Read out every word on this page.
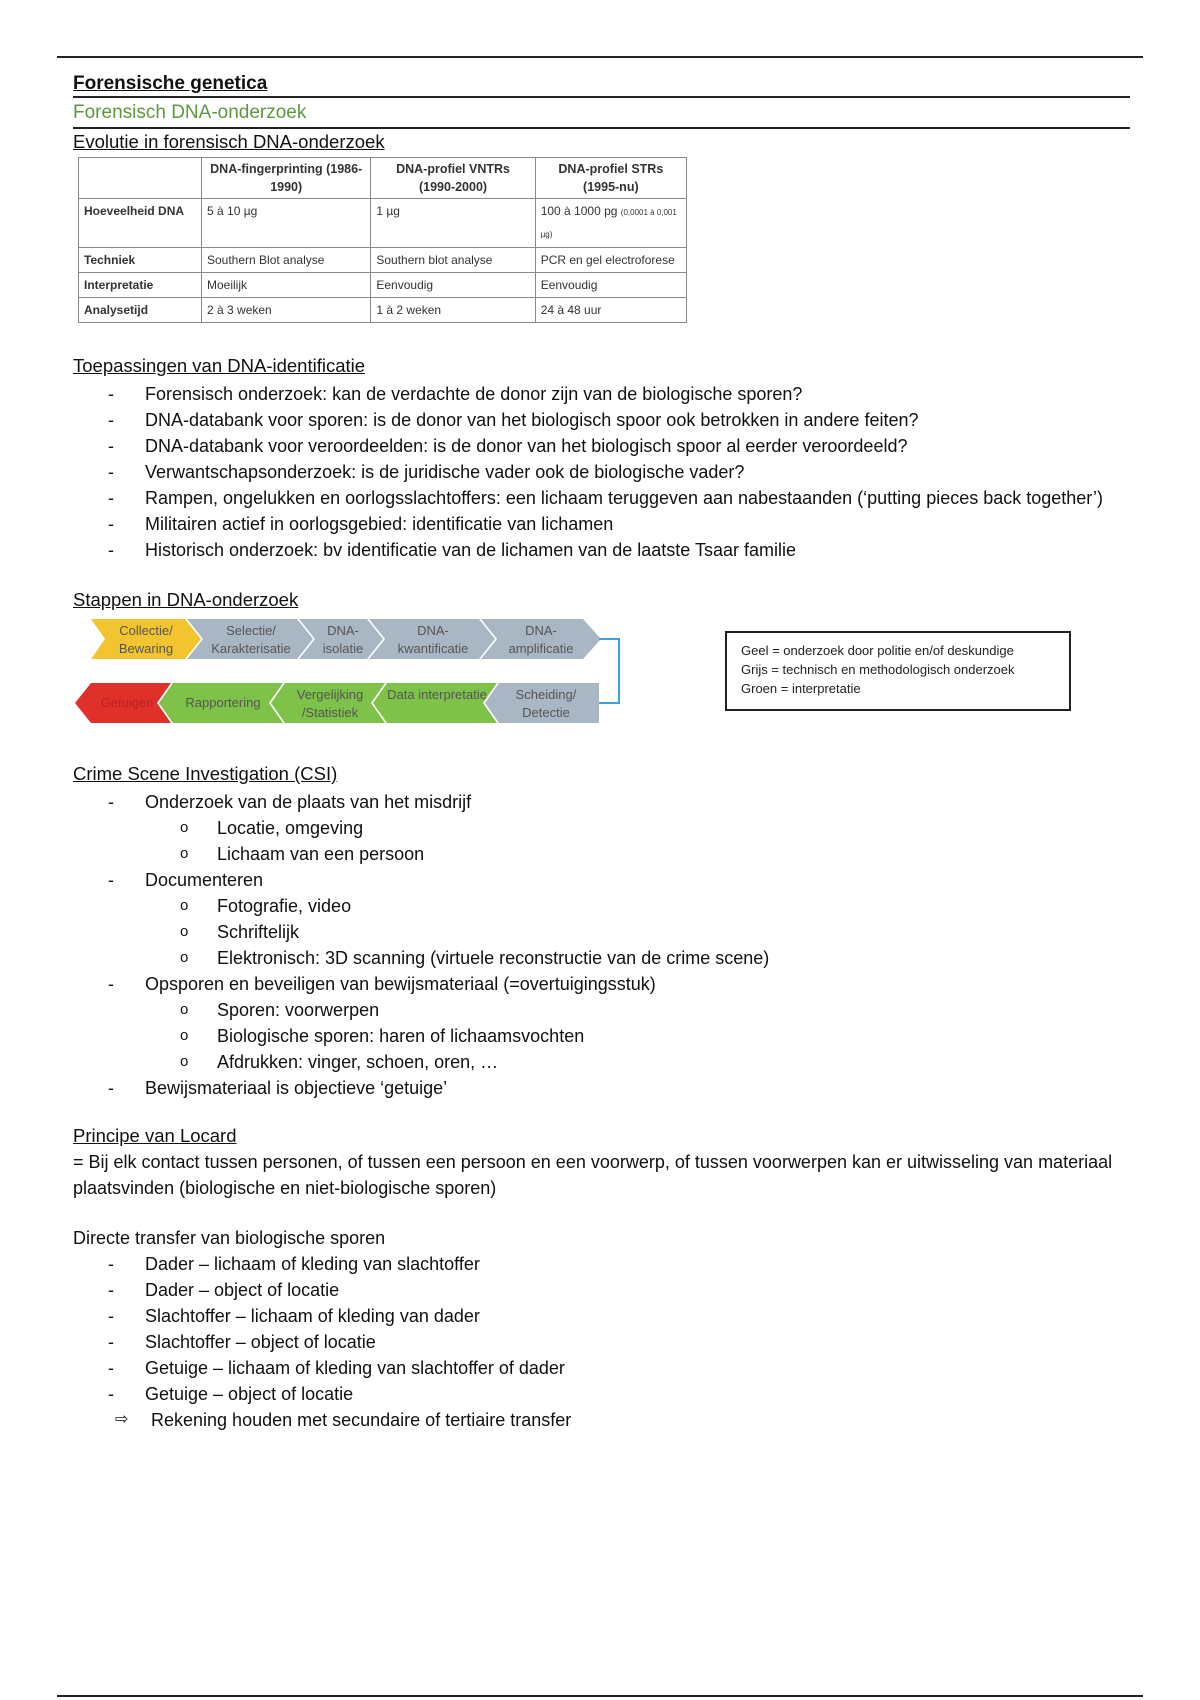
Forensische genetica
Forensisch DNA-onderzoek
Evolutie in forensisch DNA-onderzoek
	DNA-fingerprinting (1986-1990)	DNA-profiel VNTRs (1990-2000)	DNA-profiel STRs (1995-nu)
Hoeveelheid DNA	5 à 10 µg	1 µg	100 à 1000 pg (0,0001 à 0,001 µg)
Techniek	Southern Blot analyse	Southern blot analyse	PCR en gel electroforese
Interpretatie	Moeilijk	Eenvoudig	Eenvoudig
Analysetijd	2 à 3 weken	1 à 2 weken	24 à 48 uur
Toepassingen van DNA-identificatie
- Forensisch onderzoek: kan de verdachte de donor zijn van de biologische sporen?
- DNA-databank voor sporen: is de donor van het biologisch spoor ook betrokken in andere feiten?
- DNA-databank voor veroordeelden: is de donor van het biologisch spoor al eerder veroordeeld?
- Verwantschapsonderzoek: is de juridische vader ook de biologische vader?
- Rampen, ongelukken en oorlogsslachtoffers: een lichaam teruggeven aan nabestaanden (‘putting pieces back together’)
- Militairen actief in oorlogsgebied: identificatie van lichamen
- Historisch onderzoek: bv identificatie van de lichamen van de laatste Tsaar familie
Stappen in DNA-onderzoek
Collectie/ Bewaring
Selectie/ Karakterisatie
DNA- isolatie
DNA- kwantificatie
DNA- amplificatie
Getuigen	Rapportering
Vergelijking /Statistiek
Data interpretatie	Scheiding/ Detectie
Geel = onderzoek door politie en/of deskundige
Grijs = technisch en methodologisch onderzoek
Groen = interpretatie
Crime Scene Investigation (CSI)
- Onderzoek van de plaats van het misdrijf
o Locatie, omgeving
o Lichaam van een persoon
- Documenteren
o Fotografie, video
o Schriftelijk
o Elektronisch: 3D scanning (virtuele reconstructie van de crime scene)
- Opsporen en beveiligen van bewijsmateriaal (=overtuigingsstuk)
o Sporen: voorwerpen
o Biologische sporen: haren of lichaamsvochten
o Afdrukken: vinger, schoen, oren, …
- Bewijsmateriaal is objectieve ‘getuige’
Principe van Locard

= Bij elk contact tussen personen, of tussen een persoon en een voorwerp, of tussen voorwerpen kan er uitwisseling van materiaal plaatsvinden (biologische en niet-biologische sporen)

Directe transfer van biologische sporen

- Dader – lichaam of kleding van slachtoffer
- Dader – object of locatie
- Slachtoffer – lichaam of kleding van dader
- Slachtoffer – object of locatie
- Getuige – lichaam of kleding van slachtoffer of dader
- Getuige – object of locatie
⇨ Rekening houden met secundaire of tertiaire transfer
